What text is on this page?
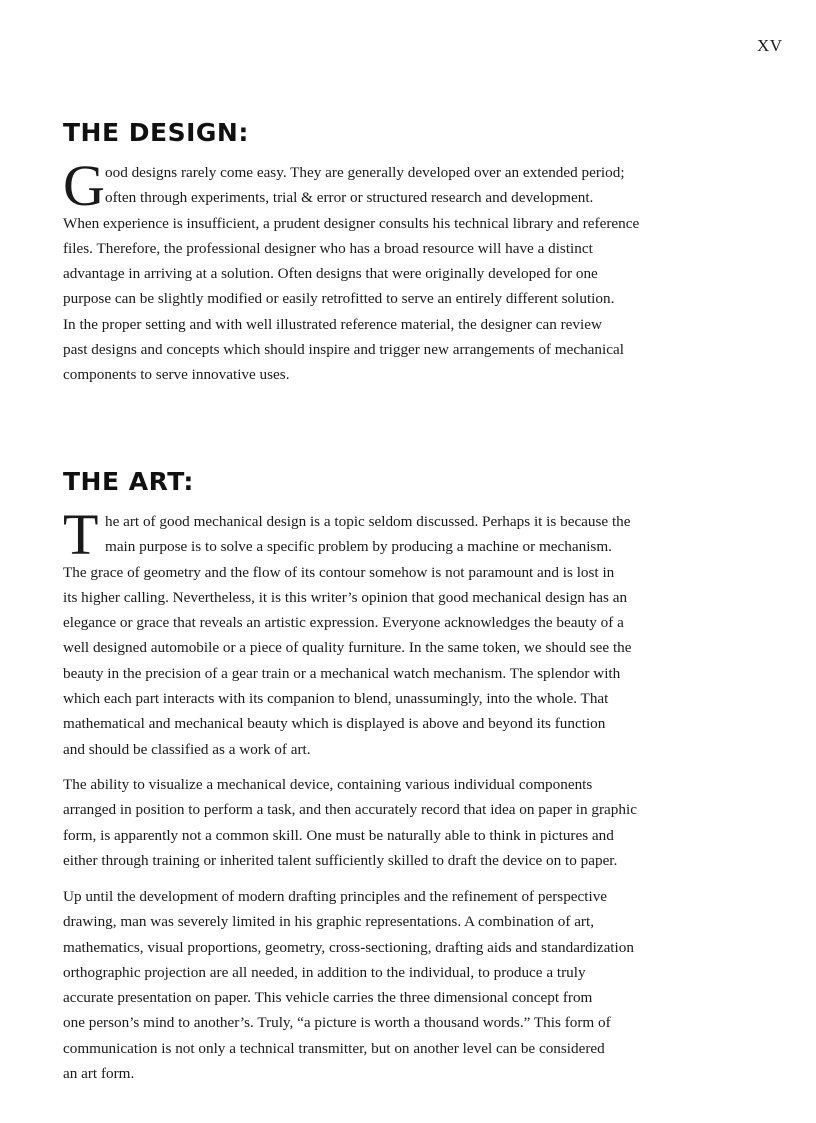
XV
THE DESIGN:
G ood designs rarely come easy. They are generally developed over an extended period;
often through experiments, trial & error or structured research and development.
When experience is insufficient, a prudent designer consults his technical library and reference
files. Therefore, the professional designer who has a broad resource will have a distinct
advantage in arriving at a solution. Often designs that were originally developed for one
purpose can be slightly modified or easily retrofitted to serve an entirely different solution.
In the proper setting and with well illustrated reference material, the designer can review
past designs and concepts which should inspire and trigger new arrangements of mechanical
components to serve innovative uses.
THE ART:
T he art of good mechanical design is a topic seldom discussed. Perhaps it is because the
main purpose is to solve a specific problem by producing a machine or mechanism.
The grace of geometry and the flow of its contour somehow is not paramount and is lost in
its higher calling. Nevertheless, it is this writer’s opinion that good mechanical design has an
elegance or grace that reveals an artistic expression. Everyone acknowledges the beauty of a
well designed automobile or a piece of quality furniture. In the same token, we should see the
beauty in the precision of a gear train or a mechanical watch mechanism. The splendor with
which each part interacts with its companion to blend, unassumingly, into the whole. That
mathematical and mechanical beauty which is displayed is above and beyond its function
and should be classified as a work of art.
The ability to visualize a mechanical device, containing various individual components
arranged in position to perform a task, and then accurately record that idea on paper in graphic
form, is apparently not a common skill. One must be naturally able to think in pictures and
either through training or inherited talent sufficiently skilled to draft the device on to paper.
Up until the development of modern drafting principles and the refinement of perspective
drawing, man was severely limited in his graphic representations. A combination of art,
mathematics, visual proportions, geometry, cross-sectioning, drafting aids and standardization
orthographic projection are all needed, in addition to the individual, to produce a truly
accurate presentation on paper. This vehicle carries the three dimensional concept from
one person’s mind to another’s. Truly, “a picture is worth a thousand words.” This form of
communication is not only a technical transmitter, but on another level can be considered
an art form.
